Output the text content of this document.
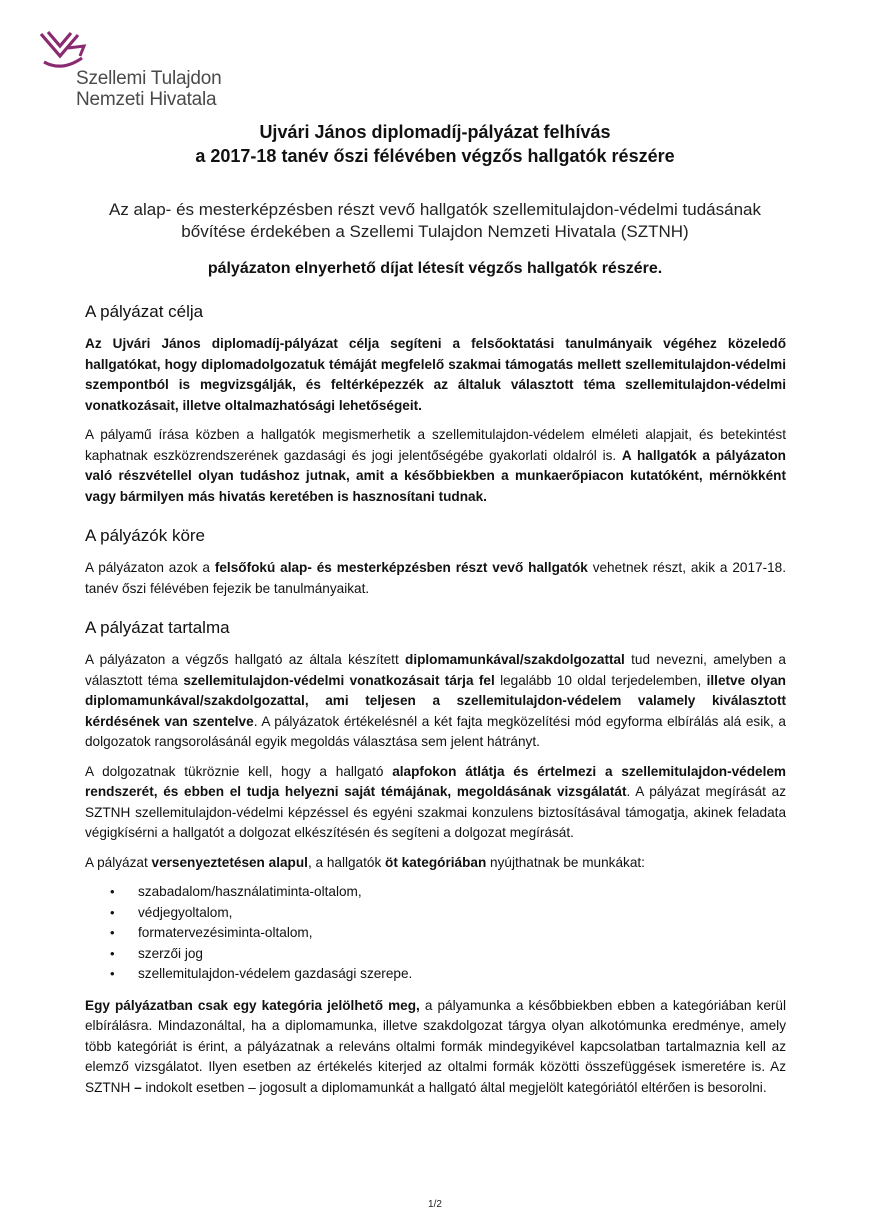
Szellemi Tulajdon
Nemzeti Hivatala
Ujvári János diplomadíj-pályázat felhívás
a 2017-18 tanév őszi félévében végzős hallgatók részére
Az alap- és mesterképzésben részt vevő hallgatók szellemitulajdon-védelmi tudásának
bővítése érdekében a Szellemi Tulajdon Nemzeti Hivatala (SZTNH)
pályázaton elnyerhető díjat létesít végzős hallgatók részére.
A pályázat célja

Az Ujvári János diplomadíj-pályázat célja segíteni a felsőoktatási tanulmányaik végéhez közeledő hallgatókat, hogy diplomadolgozatuk témáját megfelelő szakmai támogatás mellett szellemitulajdon-védelmi szempontból is megvizsgálják, és feltérképezzék az általuk választott téma szellemitulajdon-védelmi vonatkozásait, illetve oltalmazhatósági lehetőségeit.

A pályamű írása közben a hallgatók megismerhetik a szellemitulajdon-védelem elméleti alapjait, és betekintést kaphatnak eszközrendszerének gazdasági és jogi jelentőségébe gyakorlati oldalról is. A hallgatók a pályázaton való részvétellel olyan tudáshoz jutnak, amit a későbbiekben a munkaerőpiacon kutatóként, mérnökként vagy bármilyen más hivatás keretében is hasznosítani tudnak.

A pályázók köre

A pályázaton azok a felsőfokú alap- és mesterképzésben részt vevő hallgatók vehetnek részt, akik a 2017-18. tanév őszi félévében fejezik be tanulmányaikat.

A pályázat tartalma

A pályázaton a végzős hallgató az általa készített diplomamunkával/szakdolgozattal tud nevezni, amelyben a választott téma szellemitulajdon-védelmi vonatkozásait tárja fel legalább 10 oldal terjedelemben, illetve olyan diplomamunkával/szakdolgozattal, ami teljesen a szellemitulajdon-védelem valamely kiválasztott kérdésének van szentelve. A pályázatok értékelésnél a két fajta megközelítési mód egyforma elbírálás alá esik, a dolgozatok rangsorolásánál egyik megoldás választása sem jelent hátrányt.

A dolgozatnak tükröznie kell, hogy a hallgató alapfokon átlátja és értelmezi a szellemitulajdon-védelem rendszerét, és ebben el tudja helyezni saját témájának, megoldásának vizsgálatát. A pályázat megírását az SZTNH szellemitulajdon-védelmi képzéssel és egyéni szakmai konzulens biztosításával támogatja, akinek feladata végigkísérni a hallgatót a dolgozat elkészítésén és segíteni a dolgozat megírását.

A pályázat versenyeztetésen alapul, a hallgatók öt kategóriában nyújthatnak be munkákat:

• szabadalom/használatiminta-oltalom,
• védjegyoltalom,
• formatervezésiminta-oltalom,
• szerzői jog
• szellemitulajdon-védelem gazdasági szerepe.

Egy pályázatban csak egy kategória jelölhető meg, a pályamunka a későbbiekben ebben a kategóriában kerül elbírálásra. Mindazonáltal, ha a diplomamunka, illetve szakdolgozat tárgya olyan alkotómunka eredménye, amely több kategóriát is érint, a pályázatnak a releváns oltalmi formák mindegyikével kapcsolatban tartalmaznia kell az elemző vizsgálatot. Ilyen esetben az értékelés kiterjed az oltalmi formák közötti összefüggések ismeretére is. Az SZTNH – indokolt esetben – jogosult a diplomamunkát a hallgató által megjelölt kategóriától eltérően is besorolni.

1/2
